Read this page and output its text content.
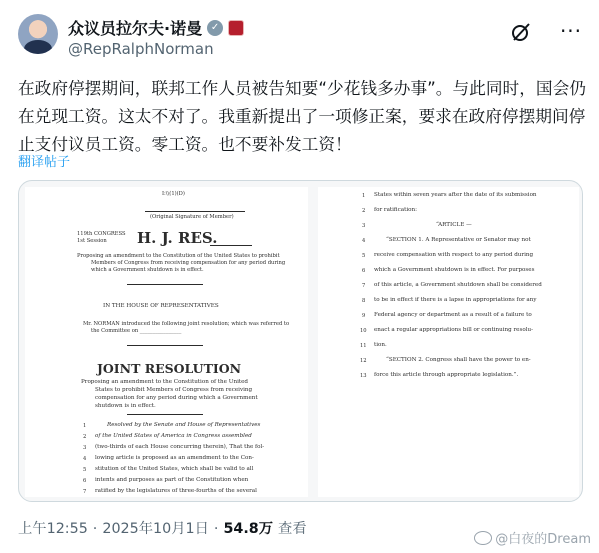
众议员拉尔夫·诺曼 ✓
@RepRalphNorman
···
在政府停摆期间，联邦工作人员被告知要“少花钱多办事”。与此同时，国会仍在兑现工资。这太不对了。我重新提出了一项修正案，要求在政府停摆期间停止支付议员工资。零工资。也不要补发工资！
翻译帖子
I:\\(1)(D)
(Original Signature of Member)
119th CONGRESS
1st Session H. J. RES.
Proposing an amendment to the Constitution of the United States to prohibit
Members of Congress from receiving compensation for any period during
which a Government shutdown is in effect.
IN THE HOUSE OF REPRESENTATIVES
Mr. NORMAN introduced the following joint resolution; which was referred to
the Committee on ________________
JOINT RESOLUTION
Proposing an amendment to the Constitution of the United
States to prohibit Members of Congress from receiving
compensation for any period during which a Government
shutdown is in effect.
1	Resolved by the Senate and House of Representatives
2 of the United States of America in Congress assembled
3 (two-thirds of each House concurring therein), That the fol-
4 lowing article is proposed as an amendment to the Con-
5 stitution of the United States, which shall be valid to all
6 intents and purposes as part of the Constitution when
7 ratified by the legislatures of three-fourths of the several
1 States within seven years after the date of its submission
2 for ratification:
3	“ARTICLE —
4	“SECTION 1. A Representative or Senator may not
5 receive compensation with respect to any period during
6 which a Government shutdown is in effect. For purposes
7 of this article, a Government shutdown shall be considered
8 to be in effect if there is a lapse in appropriations for any
9 Federal agency or department as a result of a failure to
10 enact a regular appropriations bill or continuing resolu-
11 tion.
12	“SECTION 2. Congress shall have the power to en-
13 force this article through appropriate legislation.”.
上午12:55 · 2025年10月1日 · 54.8万 查看
@白夜的Dream
